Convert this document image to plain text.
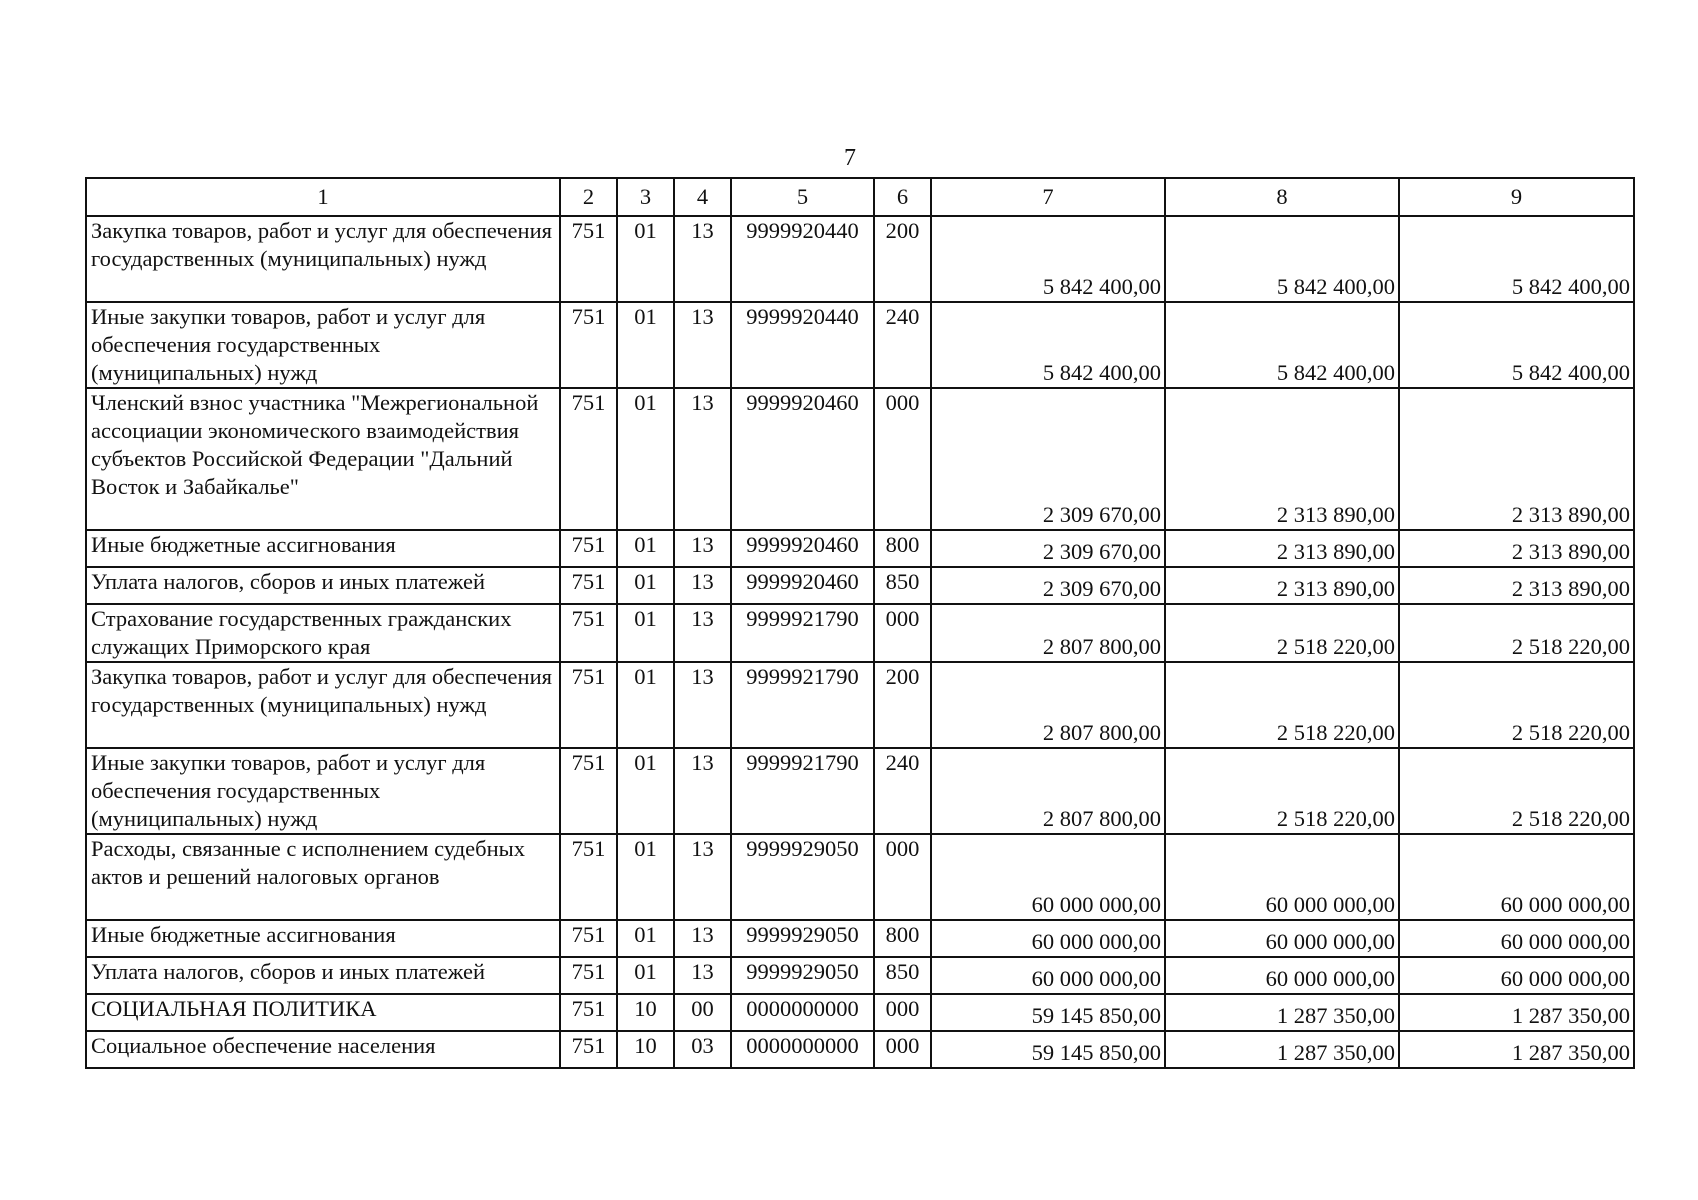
7
1	2	3	4	5	6	7	8	9
Закупка товаров, работ и услуг для обеспечения государственных (муниципальных) нужд	751	01	13	9999920440	200	5 842 400,00	5 842 400,00	5 842 400,00
Иные закупки товаров, работ и услуг для обеспечения государственных (муниципальных) нужд	751	01	13	9999920440	240	5 842 400,00	5 842 400,00	5 842 400,00
Членский взнос участника "Межрегиональной ассоциации экономического взаимодействия субъектов Российской Федерации "Дальний Восток и Забайкалье"	751	01	13	9999920460	000	2 309 670,00	2 313 890,00	2 313 890,00
Иные бюджетные ассигнования	751	01	13	9999920460	800	2 309 670,00	2 313 890,00	2 313 890,00
Уплата налогов, сборов и иных платежей	751	01	13	9999920460	850	2 309 670,00	2 313 890,00	2 313 890,00
Страхование государственных гражданских служащих Приморского края	751	01	13	9999921790	000	2 807 800,00	2 518 220,00	2 518 220,00
Закупка товаров, работ и услуг для обеспечения государственных (муниципальных) нужд	751	01	13	9999921790	200	2 807 800,00	2 518 220,00	2 518 220,00
Иные закупки товаров, работ и услуг для обеспечения государственных (муниципальных) нужд	751	01	13	9999921790	240	2 807 800,00	2 518 220,00	2 518 220,00
Расходы, связанные с исполнением судебных актов и решений налоговых органов	751	01	13	9999929050	000	60 000 000,00	60 000 000,00	60 000 000,00
Иные бюджетные ассигнования	751	01	13	9999929050	800	60 000 000,00	60 000 000,00	60 000 000,00
Уплата налогов, сборов и иных платежей	751	01	13	9999929050	850	60 000 000,00	60 000 000,00	60 000 000,00
СОЦИАЛЬНАЯ ПОЛИТИКА	751	10	00	0000000000	000	59 145 850,00	1 287 350,00	1 287 350,00
Социальное обеспечение населения	751	10	03	0000000000	000	59 145 850,00	1 287 350,00	1 287 350,00
